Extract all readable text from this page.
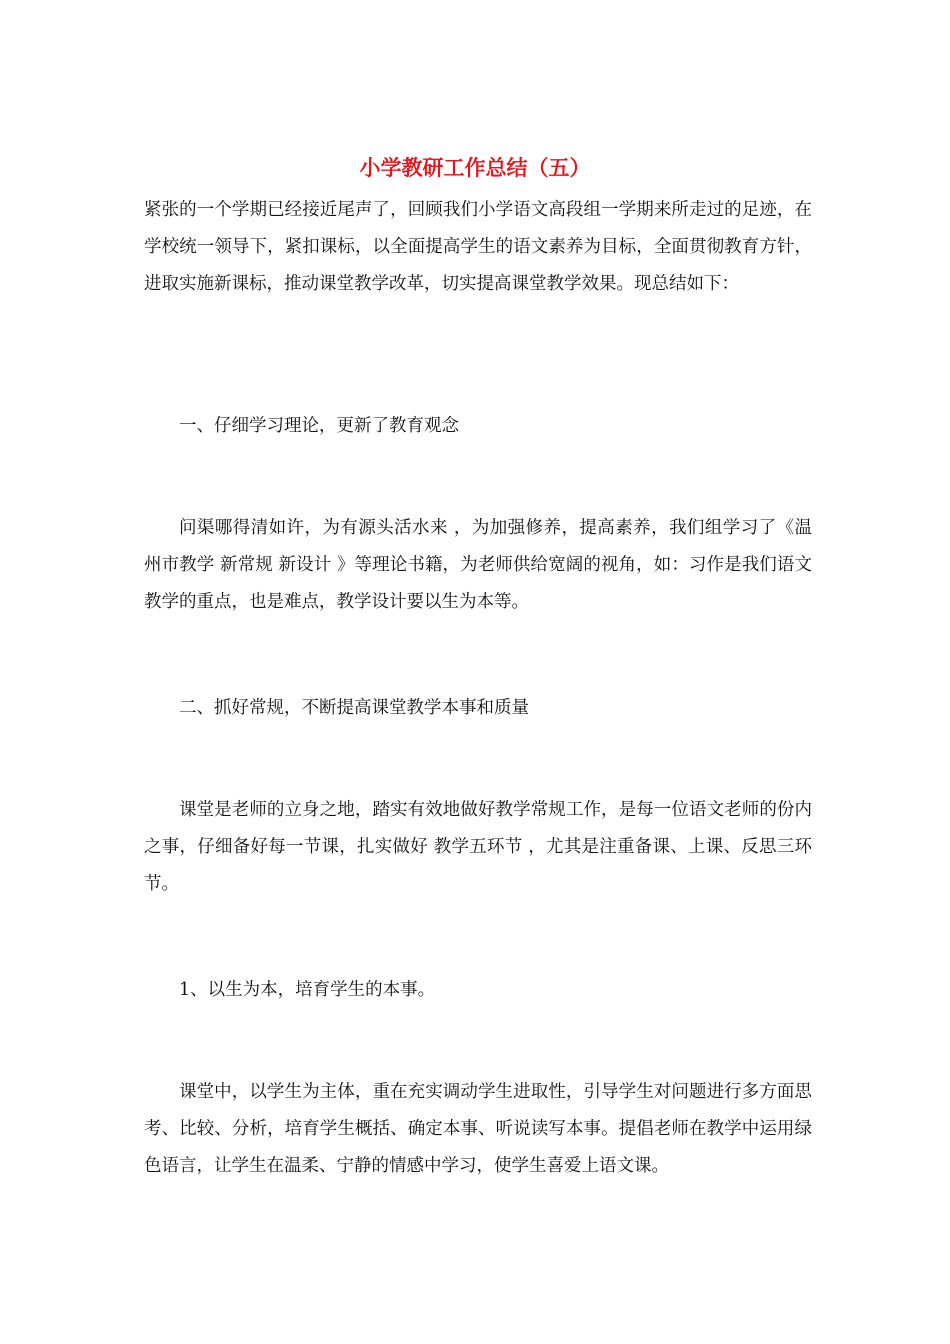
小学教研工作总结（五）

紧张的一个学期已经接近尾声了，回顾我们小学语文高段组一学期来所走过的足迹，在学校统一领导下，紧扣课标，以全面提高学生的语文素养为目标，全面贯彻教育方针，进取实施新课标，推动课堂教学改革，切实提高课堂教学效果。现总结如下：

一、仔细学习理论，更新了教育观念

问渠哪得清如许，为有源头活水来 ，为加强修养，提高素养，我们组学习了《温州市教学 新常规 新设计 》等理论书籍，为老师供给宽阔的视角，如：习作是我们语文教学的重点，也是难点，教学设计要以生为本等。

二、抓好常规，不断提高课堂教学本事和质量

课堂是老师的立身之地，踏实有效地做好教学常规工作，是每一位语文老师的份内之事，仔细备好每一节课，扎实做好 教学五环节 ，尤其是注重备课、上课、反思三环节。

1、以生为本，培育学生的本事。

课堂中，以学生为主体，重在充实调动学生进取性，引导学生对问题进行多方面思考、比较、分析，培育学生概括、确定本事、听说读写本事。提倡老师在教学中运用绿色语言，让学生在温柔、宁静的情感中学习，使学生喜爱上语文课。
